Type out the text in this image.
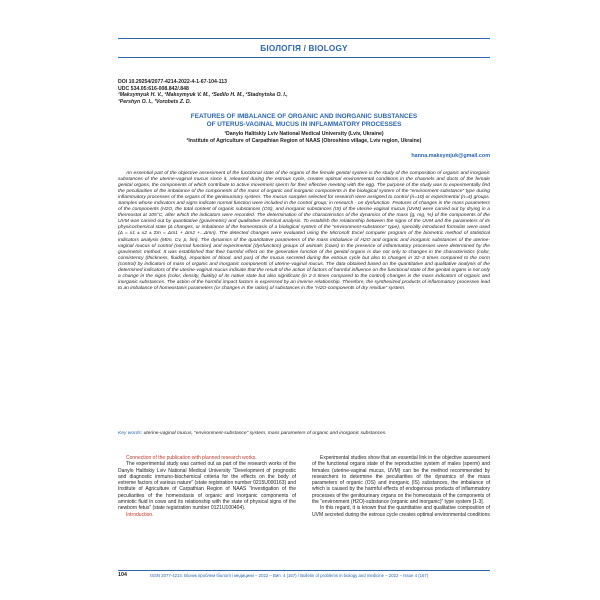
БІОЛОГІЯ / BIOLOGY
DOI 10.29254/2077-4214-2022-4-1-67-104-113
UDC 534.05:616-008.842/.848
¹Maksymyuk H. V., ²Maksymyuk V. M., ²Sedilo H. M., ²Stadnytska O. I.,
¹Pershyn O. I., ¹Vorobets Z. D.
FEATURES OF IMBALANCE OF ORGANIC AND INORGANIC SUBSTANCES
OF UTERUS-VAGINAL MUCUS IN INFLAMMATORY PROCESSES
¹Danylo Halitskiy Lviv National Medical University (Lviv, Ukraine)
²Institute of Agriculture of Carpathian Region of NAAS (Obroshino village, Lviv region, Ukraine)
hanna.maksymjuk@gmail.com
An essential part of the objective assessment of the functional state of the organs of the female genital system is the study of the composition of organic and inorganic substances of the uterine-vaginal mucus since it, released during the estrous cycle, creates optimal environmental conditions in the channels and ducts of the female genital organs, the components of which contribute to active movement sperm for their effective meeting with the egg. The purpose of the study was to experimentally find the peculiarities of the imbalance of the components of the mass of organic and inorganic components in the biological system of the “environment-substance” type during inflammatory processes of the organs of the genitourinary system. The mucus samples selected for research were assigned to control (n=10) or experimental (n=4) groups. Samples whose indicators and signs indicate normal function were included in the control group; in research - on dysfunction. Features of changes in the mass parameters of the components (H2O, the total content of organic substances (OS), and inorganic substances (IS) of the uterine-vaginal mucus (UVM) were carried out by drying in a thermostat at 105°C, after which the indicators were recorded. The determination of the characteristics of the dynamics of the mass (g, mg, %) of the components of the UVM was carried out by quantitative (gravimetric) and qualitative chemical analysis. To establish the relationship between the signs of the UVM and the parameters of its physicochemical state (Δ changes, or imbalance of the homeostasis of a biological system of the “environment-substance” type), specially introduced formulas were used (Δ = x1 ± x2 ± Σm = Δm1 + Δm2 +...Δmn). The detected changes were evaluated using the Microsoft Excel computer program of the biometric method of statistical indicators analysis (Mtm, Cv, p, lim). The dynamics of the quantitative parameters of the mass imbalance of H2O and organic and inorganic substances of the uterine-vaginal mucus of control (normal function) and experimental (dysfunction) groups of animals (cows) in the presence of inflammatory processes were determined by the gravimetric method. It was established that their harmful effect on the generative function of the genital organs is due not only to changes in the characteristics (color, consistency (thickness, fluidity), impurities of blood, and pus) of the mucus secreted during the estrous cycle but also to changes in 32–3 times compared to the norm (control) by indicators of mass of organic and inorganic components of uterine-vaginal mucus. The data obtained based on the quantitative and qualitative analysis of the determined indicators of the uterine-vaginal mucus indicate that the result of the action of factors of harmful influence on the functional state of the genital organs is not only a change in the signs (color, density, fluidity) of its native state but also significant (in 2-3 times compared to the control) changes in the mass indicators of organic and inorganic substances. The action of the harmful impact factors is expressed by an inverse relationship. Therefore, the synthesized products of inflammatory processes lead to an imbalance of homeostasis parameters (or changes in the ratios) of substances in the “H2O-components of dry residue” system.
Key words: uterine-vaginal mucus, “environment-substance” system, mass parameters of organic and inorganic substances.

Connection of the publication with planned research works.

The experimental study was carried out as part of the research works of the Danylo Halitskiy Lviv National Medical University “Development of prognostic and diagnostic immuno-biochemical criteria for the effects on the body of extreme factors of various nature” (state registration number 0215U000163) and Institute of Agriculture of Carpathian Region of NAAS “Investigation of the peculiarities of the homeostasis of organic and inorganic components of amniotic fluid in cows and its relationship with the state of physical signs of the newborn fetus” (state registration number 0121U100404).

Introduction.

Experimental studies show that an essential link in the objective assessment of the functional organs state of the reproductive system of males (sperm) and females (uterine-vaginal mucus, UVM) can be the method recommended by researchers to determine the peculiarities of the dynamics of the mass parameters of organic (OS) and inorganic (IS) substances, the imbalance of which is caused by the harmful effects of endogenous products of inflammatory processes of the genitourinary organs on the homeostasis of the components of the “environment (H2O)-substance (organic and inorganic)” type system [1-3].

In this regard, it is known that the quantitative and qualitative composition of UVM secreted during the estrous cycle creates optimal environmental conditions

104	ISSN 2077-4214. Вісник проблем біології і медицини – 2022 – Вип. 4 (167) / Bulletin of problems in biology and medicine – 2022 – Issue 4 (167)
